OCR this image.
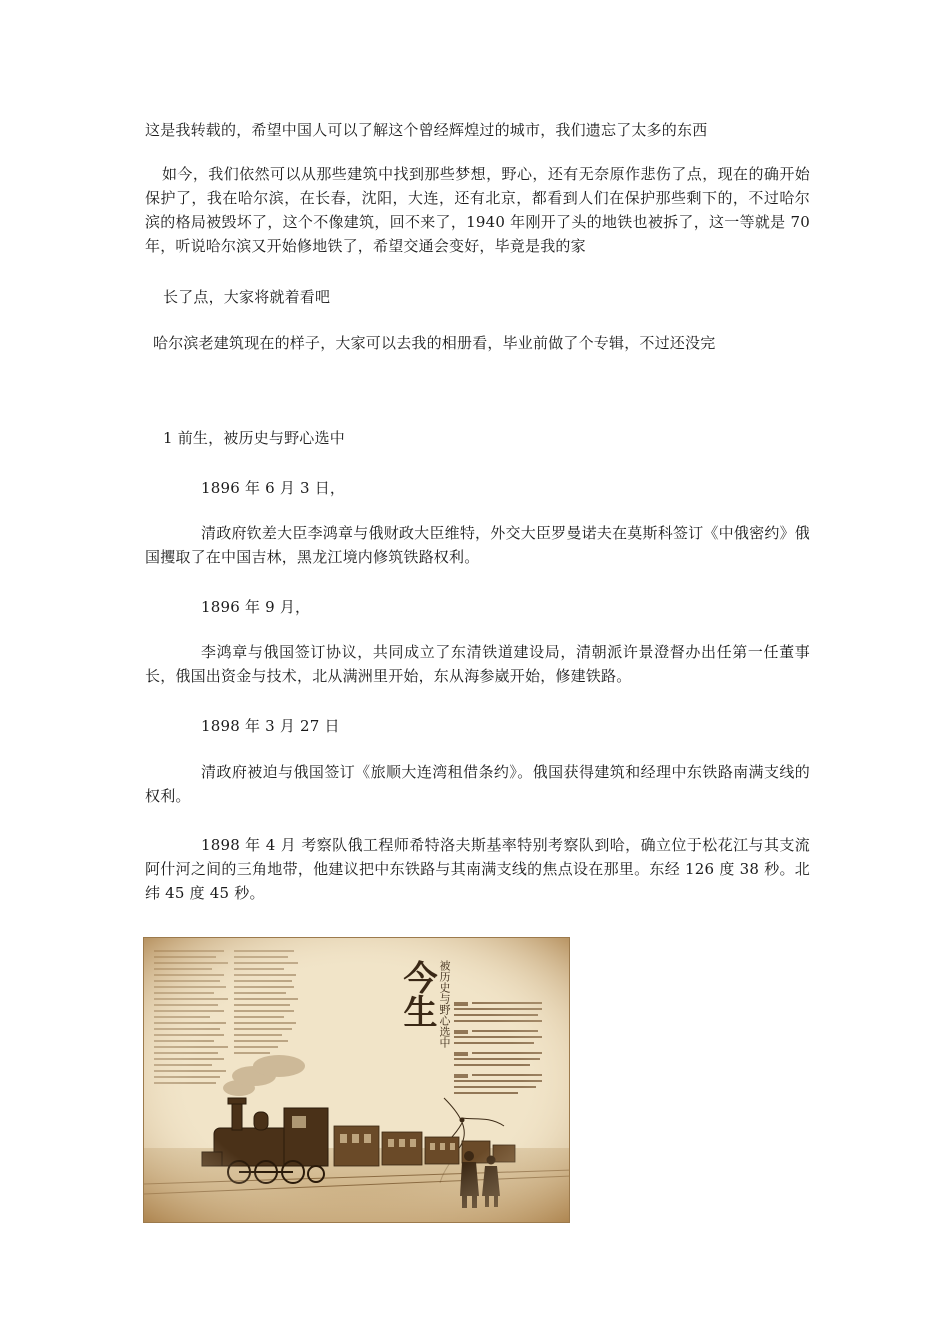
这是我转载的，希望中国人可以了解这个曾经辉煌过的城市，我们遗忘了太多的东西
如今，我们依然可以从那些建筑中找到那些梦想，野心，还有无奈原作悲伤了点，现在的确开始保护了，我在哈尔滨，在长春，沈阳，大连，还有北京，都看到人们在保护那些剩下的，不过哈尔滨的格局被毁坏了，这个不像建筑，回不来了，1940 年刚开了头的地铁也被拆了，这一等就是 70 年，听说哈尔滨又开始修地铁了，希望交通会变好，毕竟是我的家
长了点，大家将就着看吧
哈尔滨老建筑现在的样子，大家可以去我的相册看，毕业前做了个专辑，不过还没完
1 前生，被历史与野心选中
1896 年 6 月 3 日，
清政府钦差大臣李鸿章与俄财政大臣维特，外交大臣罗曼诺夫在莫斯科签订《中俄密约》俄国攫取了在中国吉林，黑龙江境内修筑铁路权利。
1896 年 9 月，
李鸿章与俄国签订协议，共同成立了东清铁道建设局，清朝派许景澄督办出任第一任董事长，俄国出资金与技术，北从满洲里开始，东从海参崴开始，修建铁路。
1898 年 3 月 27 日
清政府被迫与俄国签订《旅顺大连湾租借条约》。俄国获得建筑和经理中东铁路南满支线的权利。
1898 年 4 月 考察队俄工程师希特洛夫斯基率特别考察队到哈，确立位于松花江与其支流阿什河之间的三角地带，他建议把中东铁路与其南满支线的焦点设在那里。东经 126 度 38 秒。北纬 45 度 45 秒。
今生 被历史与野心选中
